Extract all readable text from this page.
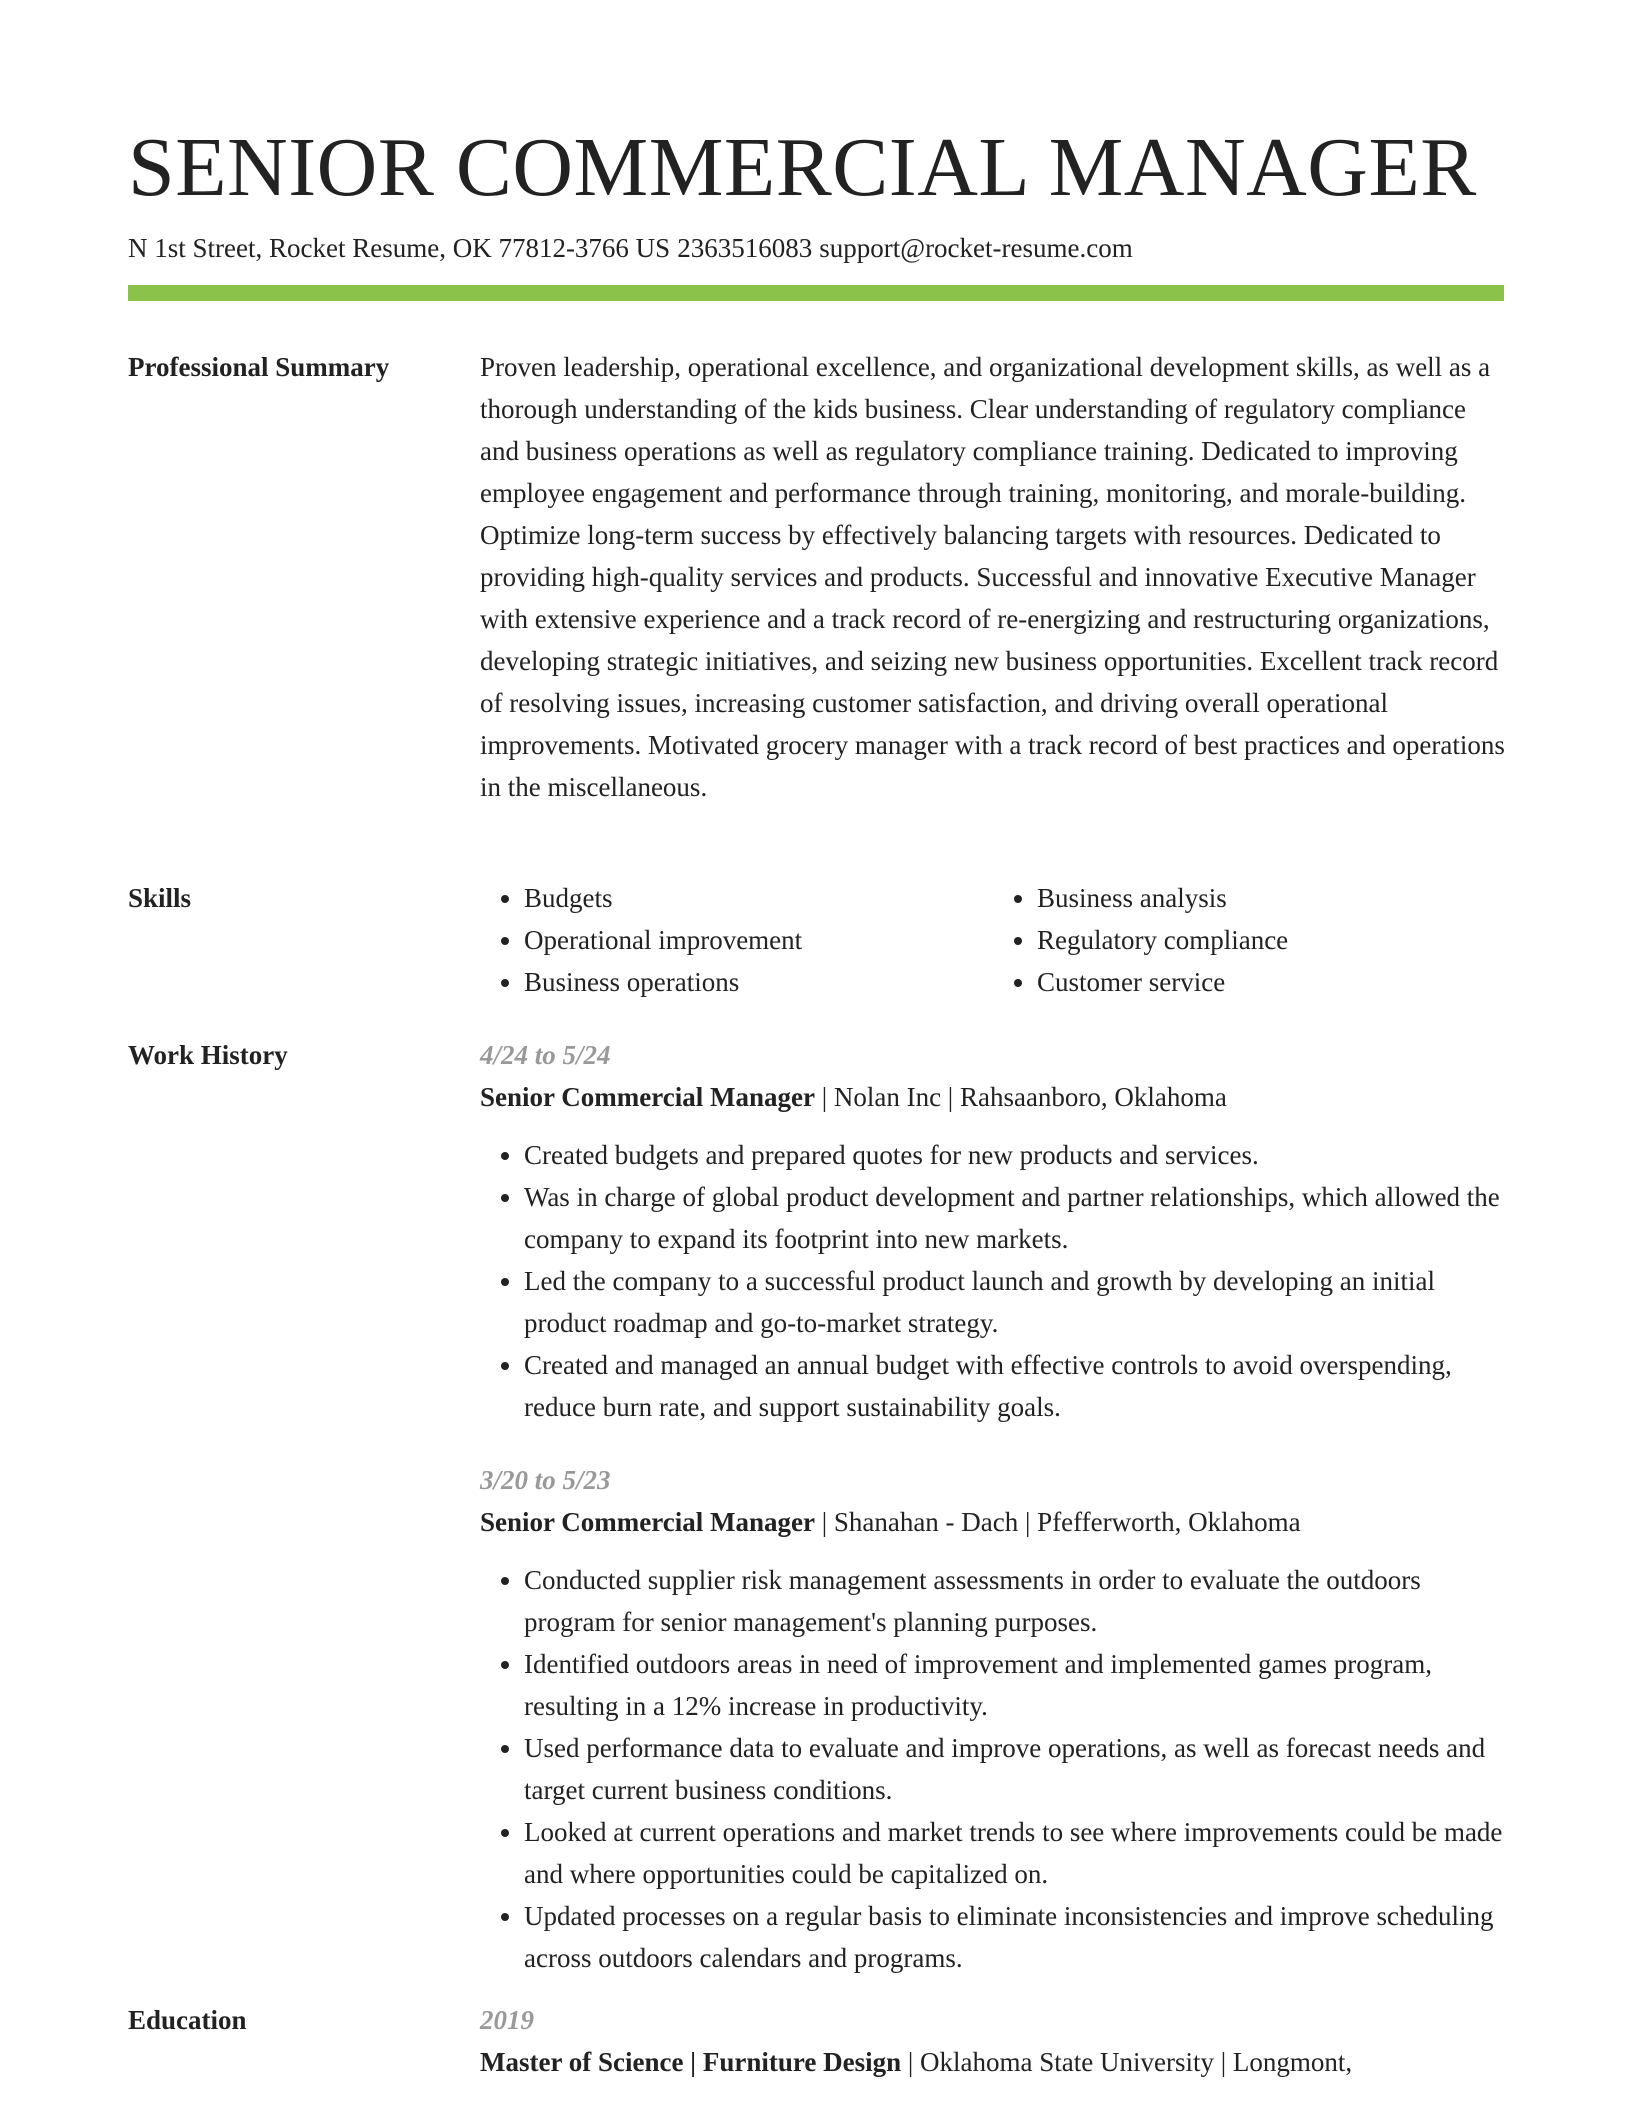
SENIOR COMMERCIAL MANAGER
N 1st Street, Rocket Resume, OK 77812-3766 US 2363516083 support@rocket-resume.com
Professional Summary	Proven leadership, operational excellence, and organizational development skills, as well as a thorough understanding of the kids business. Clear understanding of regulatory compliance and business operations as well as regulatory compliance training. Dedicated to improving employee engagement and performance through training, monitoring, and morale-building. Optimize long-term success by effectively balancing targets with resources. Dedicated to providing high-quality services and products. Successful and innovative Executive Manager with extensive experience and a track record of re-energizing and restructuring organizations, developing strategic initiatives, and seizing new business opportunities. Excellent track record of resolving issues, increasing customer satisfaction, and driving overall operational improvements. Motivated grocery manager with a track record of best practices and operations in the miscellaneous.

Skills
•	Budgets
• Operational improvement
• Business operations
• Business analysis
• Regulatory compliance
• Customer service
Work History	4/24 to 5/24
Senior Commercial Manager | Nolan Inc | Rahsaanboro, Oklahoma
• Created budgets and prepared quotes for new products and services.
• Was in charge of global product development and partner relationships, which allowed the company to expand its footprint into new markets.
• Led the company to a successful product launch and growth by developing an initial product roadmap and go-to-market strategy.
• Created and managed an annual budget with effective controls to avoid overspending, reduce burn rate, and support sustainability goals.
3/20 to 5/23
Senior Commercial Manager | Shanahan - Dach | Pfefferworth, Oklahoma
• Conducted supplier risk management assessments in order to evaluate the outdoors program for senior management's planning purposes.
• Identified outdoors areas in need of improvement and implemented games program, resulting in a 12% increase in productivity.
• Used performance data to evaluate and improve operations, as well as forecast needs and target current business conditions.
• Looked at current operations and market trends to see where improvements could be made and where opportunities could be capitalized on.
• Updated processes on a regular basis to eliminate inconsistencies and improve scheduling across outdoors calendars and programs.
Education	2019
Master of Science | Furniture Design | Oklahoma State University | Longmont,
